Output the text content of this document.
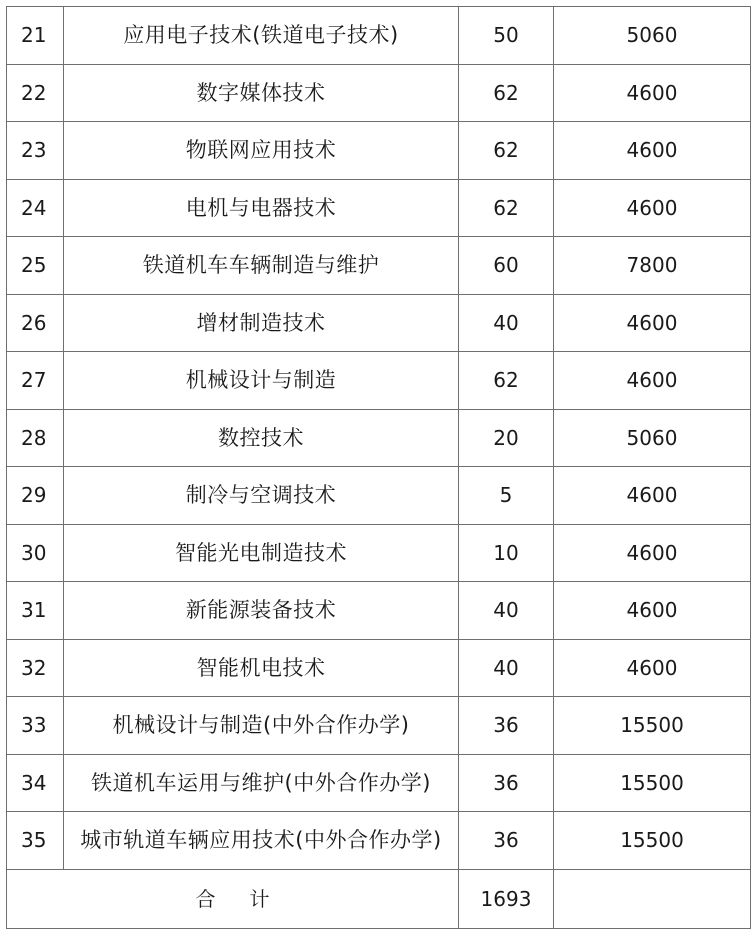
21	应用电子技术(铁道电子技术)	50	5060
22	数字媒体技术	62	4600
23	物联网应用技术	62	4600
24	电机与电器技术	62	4600
25	铁道机车车辆制造与维护	60	7800
26	增材制造技术	40	4600
27	机械设计与制造	62	4600
28	数控技术	20	5060
29	制冷与空调技术	5	4600
30	智能光电制造技术	10	4600
31	新能源装备技术	40	4600
32	智能机电技术	40	4600
33	机械设计与制造(中外合作办学)	36	15500
34	铁道机车运用与维护(中外合作办学)	36	15500
35	城市轨道车辆应用技术(中外合作办学)	36	15500
合 计		1693	
